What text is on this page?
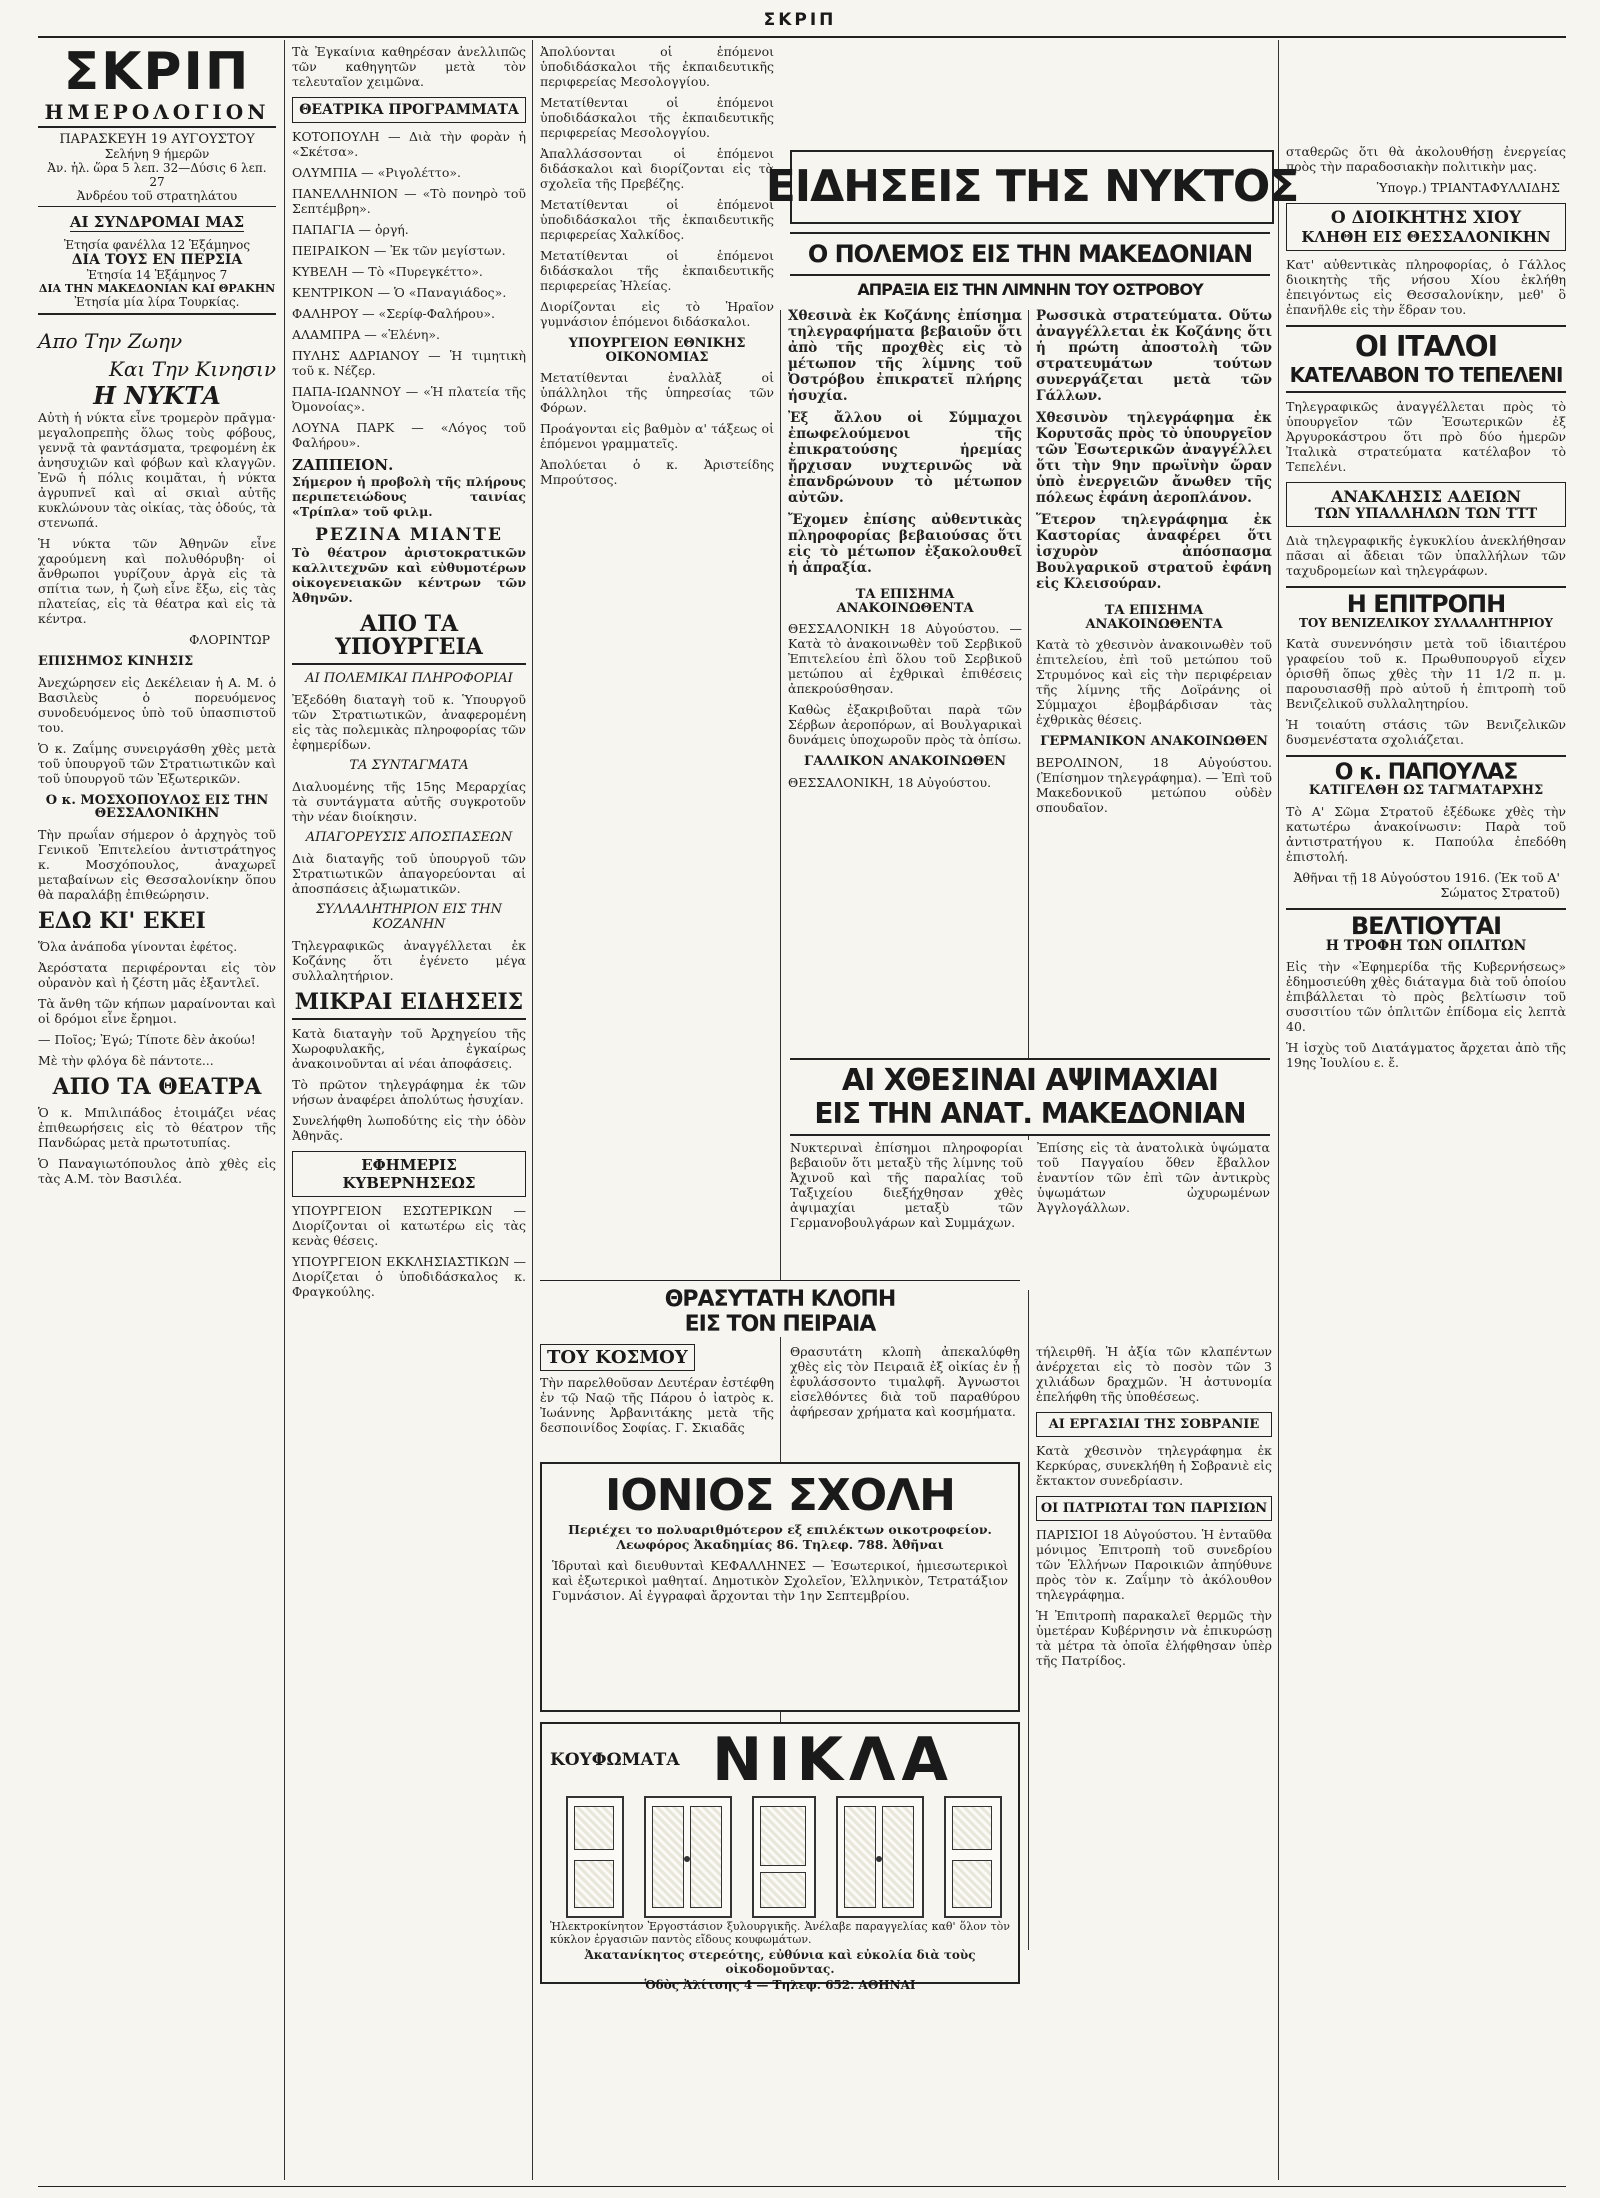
ΣΚΡΙΠ
ΣΚΡΙΠ
ΗΜΕΡΟΛΟΓΙΟΝ
ΠΑΡΑΣΚΕΥΗ 19 ΑΥΓΟΥΣΤΟΥ
Σελήνη 9 ήμερῶν
Ἀν. ἡλ. ὥρα 5 λεπ. 32—Δύσις 6 λεπ. 27
Ἀνδρέου τοῦ στρατηλάτου
ΑΙ ΣΥΝΔΡΟΜΑΙ ΜΑΣ
Ἐτησία φανέλλα 12 Ἑξάμηνος
ΔΙΑ ΤΟΥΣ ΕΝ ΠΕΡΣΙΑ
Ἐτησία 14 Ἑξάμηνος 7
ΔΙΑ ΤΗΝ ΜΑΚΕΔΟΝΙΑΝ ΚΑΙ ΘΡΑΚΗΝ
Ἐτησία μία λίρα Τουρκίας.
Απο Την Ζωην
Και Την Κινησιν
Η ΝΥΚΤΑ

Αὐτὴ ἡ νύκτα εἶνε τρομερὸν πρᾶγμα· μεγαλοπρεπὴς ὅλως τοὺς φόβους, γεννᾷ τὰ φαντάσματα, τρεφομένη ἐκ ἀνησυχιῶν καὶ φόβων καὶ κλαγγῶν. Ἐνῶ ἡ πόλις κοιμᾶται, ἡ νύκτα ἀγρυπνεῖ καὶ αἱ σκιαὶ αὐτῆς κυκλώνουν τὰς οἰκίας, τὰς ὁδούς, τὰ στενωπά.

Ἡ νύκτα τῶν Ἀθηνῶν εἶνε χαρούμενη καὶ πολυθόρυβη· οἱ ἄνθρωποι γυρίζουν ἀργὰ εἰς τὰ σπίτια των, ἡ ζωὴ εἶνε ἔξω, εἰς τὰς πλατείας, εἰς τὰ θέατρα καὶ εἰς τὰ κέντρα.

ΦΛΟΡΙΝΤΩΡ
ΕΠΙΣΗΜΟΣ ΚΙΝΗΣΙΣ

Ἀνεχώρησεν εἰς Δεκέλειαν ἡ Α. Μ. ὁ Βασιλεὺς ὁ πορευόμενος συνοδευόμενος ὑπὸ τοῦ ὑπασπιστοῦ του.

Ὁ κ. Ζαΐμης συνειργάσθη χθὲς μετὰ τοῦ ὑπουργοῦ τῶν Στρατιωτικῶν καὶ τοῦ ὑπουργοῦ τῶν Ἐξωτερικῶν.

Ο κ. ΜΟΣΧΟΠΟΥΛΟΣ ΕΙΣ ΤΗΝ ΘΕΣΣΑΛΟΝΙΚΗΝ

Τὴν πρωΐαν σήμερον ὁ ἀρχηγὸς τοῦ Γενικοῦ Ἐπιτελείου ἀντιστράτηγος κ. Μοσχόπουλος, ἀναχωρεῖ μεταβαίνων εἰς Θεσσαλονίκην ὅπου θὰ παραλάβῃ ἐπιθεώρησιν.

ΕΔΩ ΚΙ' ΕΚΕΙ

Ὅλα ἀνάποδα γίνονται ἐφέτος.

Ἀερόστατα περιφέρονται εἰς τὸν οὐρανὸν καὶ ἡ ζέστη μᾶς ἐξαντλεῖ.

Τὰ ἄνθη τῶν κήπων μαραίνονται καὶ οἱ δρόμοι εἶνε ἔρημοι.

— Ποῖος; Ἐγώ; Τίποτε δὲν ἀκούω!

Μὲ τὴν φλόγα δὲ πάντοτε...

ΑΠΟ ΤΑ ΘΕΑΤΡΑ

Ὁ κ. Μπιλιπάδος ἑτοιμάζει νέας ἐπιθεωρήσεις εἰς τὸ θέατρον τῆς Πανδώρας μετὰ πρωτοτυπίας.

Ὁ Παναγιωτόπουλος ἀπὸ χθὲς εἰς τὰς Α.Μ. τὸν Βασιλέα.

Τὰ Ἐγκαίνια καθηρέσαν ἀνελλιπῶς τῶν καθηγητῶν μετὰ τὸν τελευταῖον χειμῶνα.

ΘΕΑΤΡΙΚΑ ΠΡΟΓΡΑΜΜΑΤΑ

ΚΟΤΟΠΟΥΛΗ — Διὰ τὴν φορὰν ἡ «Σκέτσα».

ΟΛΥΜΠΙΑ — «Ριγολέττο».

ΠΑΝΕΛΛΗΝΙΟΝ — «Τὸ πονηρὸ τοῦ Σεπτέμβρη».

ΠΑΠΑΓΙΑ — ὀργή.

ΠΕΙΡΑΙΚΟΝ — Ἐκ τῶν μεγίστων.

ΚΥΒΕΛΗ — Τὸ «Πυρεγκέττο».

ΚΕΝΤΡΙΚΟΝ — Ὁ «Παναγιάδος».

ΦΑΛΗΡΟΥ — «Σερίφ-Φαλήρου».

ΑΛΑΜΠΡΑ — «Ἑλένη».

ΠΥΛΗΣ ΑΔΡΙΑΝΟΥ — Ἡ τιμητικὴ τοῦ κ. Νέζερ.

ΠΑΠΑ-ΙΩΑΝΝΟΥ — «Ἡ πλατεία τῆς Ὀμονοίας».

ΛΟΥΝΑ ΠΑΡΚ — «Λόγος τοῦ Φαλήρου».

ΖΑΠΠΕΙΟΝ.

Σήμερον ἡ προβολὴ τῆς πλήρους περιπετειώδους ταινίας «Τρίπλα» τοῦ φιλμ.

ΡΕΖΙΝΑ ΜΙΑΝΤΕ

Τὸ θέατρον ἀριστοκρατικῶν καλλιτεχνῶν καὶ εὐθυμοτέρων οἰκογενειακῶν κέντρων τῶν Ἀθηνῶν.

ΑΠΟ ΤΑ ΥΠΟΥΡΓΕΙΑ
ΑΙ ΠΟΛΕΜΙΚΑΙ ΠΛΗΡΟΦΟΡΙΑΙ

Ἐξεδόθη διαταγὴ τοῦ κ. Ὑπουργοῦ τῶν Στρατιωτικῶν, ἀναφερομένη εἰς τὰς πολεμικὰς πληροφορίας τῶν ἐφημερίδων.

ΤΑ ΣΥΝΤΑΓΜΑΤΑ

Διαλυομένης τῆς 15ης Μεραρχίας τὰ συντάγματα αὐτῆς συγκροτοῦν τὴν νέαν διοίκησιν.

ΑΠΑΓΟΡΕΥΣΙΣ ΑΠΟΣΠΑΣΕΩΝ

Διὰ διαταγῆς τοῦ ὑπουργοῦ τῶν Στρατιωτικῶν ἀπαγορεύονται αἱ ἀποσπάσεις ἀξιωματικῶν.

ΣΥΛΛΑΛΗΤΗΡΙΟΝ ΕΙΣ ΤΗΝ ΚΟΖΑΝΗΝ

Τηλεγραφικῶς ἀναγγέλλεται ἐκ Κοζάνης ὅτι ἐγένετο μέγα συλλαλητήριον.

ΜΙΚΡΑΙ ΕΙΔΗΣΕΙΣ

Κατὰ διαταγὴν τοῦ Ἀρχηγείου τῆς Χωροφυλακῆς, ἐγκαίρως ἀνακοινοῦνται αἱ νέαι ἀποφάσεις.

Τὸ πρῶτον τηλεγράφημα ἐκ τῶν νήσων ἀναφέρει ἀπολύτως ἡσυχίαν.

Συνελήφθη λωποδύτης εἰς τὴν ὁδὸν Ἀθηνᾶς.

ΕΦΗΜΕΡΙΣ ΚΥΒΕΡΝΗΣΕΩΣ

ΥΠΟΥΡΓΕΙΟΝ ΕΣΩΤΕΡΙΚΩΝ — Διορίζονται οἱ κατωτέρω εἰς τὰς κενὰς θέσεις.

ΥΠΟΥΡΓΕΙΟΝ ΕΚΚΛΗΣΙΑΣΤΙΚΩΝ — Διορίζεται ὁ ὑποδιδάσκαλος κ. Φραγκούλης.

Ἀπολύονται οἱ ἑπόμενοι ὑποδιδάσκαλοι τῆς ἐκπαιδευτικῆς περιφερείας Μεσολογγίου.

Μετατίθενται οἱ ἑπόμενοι ὑποδιδάσκαλοι τῆς ἐκπαιδευτικῆς περιφερείας Μεσολογγίου.

Ἀπαλλάσσονται οἱ ἑπόμενοι διδάσκαλοι καὶ διορίζονται εἰς τὰ σχολεῖα τῆς Πρεβέζης.

Μετατίθενται οἱ ἑπόμενοι ὑποδιδάσκαλοι τῆς ἐκπαιδευτικῆς περιφερείας Χαλκίδος.

Μετατίθενται οἱ ἑπόμενοι διδάσκαλοι τῆς ἐκπαιδευτικῆς περιφερείας Ἠλείας.

Διορίζονται εἰς τὸ Ἡραῖον γυμνάσιον ἑπόμενοι διδάσκαλοι.

ΥΠΟΥΡΓΕΙΟΝ ΕΘΝΙΚΗΣ ΟΙΚΟΝΟΜΙΑΣ

Μετατίθενται ἐναλλὰξ οἱ ὑπάλληλοι τῆς ὑπηρεσίας τῶν Φόρων.

Προάγονται εἰς βαθμὸν α' τάξεως οἱ ἑπόμενοι γραμματεῖς.

Ἀπολύεται ὁ κ. Ἀριστείδης Μπρούτσος.

ΕΙΔΗΣΕΙΣ ΤΗΣ ΝΥΚΤΟΣ
Ο ΠΟΛΕΜΟΣ ΕΙΣ ΤΗΝ ΜΑΚΕΔΟΝΙΑΝ
ΑΠΡΑΞΙΑ ΕΙΣ ΤΗΝ ΛΙΜΝΗΝ ΤΟΥ ΟΣΤΡΟΒΟΥ

Χθεσινὰ ἐκ Κοζάνης ἐπίσημα τηλεγραφήματα βεβαιοῦν ὅτι ἀπὸ τῆς προχθὲς εἰς τὸ μέτωπον τῆς λίμνης τοῦ Ὀστρόβου ἐπικρατεῖ πλήρης ἡσυχία.

Ἐξ ἄλλου οἱ Σύμμαχοι ἐπωφελούμενοι τῆς ἐπικρατούσης ἡρεμίας ἤρχισαν νυχτερινῶς νὰ ἐπανδρώνουν τὸ μέτωπον αὐτῶν.

Ἔχομεν ἐπίσης αὐθεντικὰς πληροφορίας βεβαιούσας ὅτι εἰς τὸ μέτωπον ἐξακολουθεῖ ἡ ἀπραξία.

ΤΑ ΕΠΙΣΗΜΑ ΑΝΑΚΟΙΝΩΘΕΝΤΑ

ΘΕΣΣΑΛΟΝΙΚΗ 18 Αὐγούστου. — Κατὰ τὸ ἀνακοινωθὲν τοῦ Σερβικοῦ Ἐπιτελείου ἐπὶ ὅλου τοῦ Σερβικοῦ μετώπου αἱ ἐχθρικαὶ ἐπιθέσεις ἀπεκρούσθησαν.

Καθὼς ἐξακριβοῦται παρὰ τῶν Σέρβων ἀεροπόρων, αἱ Βουλγαρικαὶ δυνάμεις ὑποχωροῦν πρὸς τὰ ὀπίσω.

ΓΑΛΛΙΚΟΝ ΑΝΑΚΟΙΝΩΘΕΝ

ΘΕΣΣΑΛΟΝΙΚΗ, 18 Αὐγούστου.

Ρωσσικὰ στρατεύματα. Οὕτω ἀναγγέλλεται ἐκ Κοζάνης ὅτι ἡ πρώτη ἀποστολὴ τῶν στρατευμάτων τούτων συνεργάζεται μετὰ τῶν Γάλλων.

Χθεσινὸν τηλεγράφημα ἐκ Κορυτσᾶς πρὸς τὸ ὑπουργεῖον τῶν Ἐσωτερικῶν ἀναγγέλλει ὅτι τὴν 9ην πρωϊνὴν ὥραν ὑπὸ ἐνεργειῶν ἄνωθεν τῆς πόλεως ἐφάνη ἀεροπλάνον.

Ἕτερον τηλεγράφημα ἐκ Καστορίας ἀναφέρει ὅτι ἰσχυρὸν ἀπόσπασμα Βουλγαρικοῦ στρατοῦ ἐφάνη εἰς Κλεισούραν.

ΤΑ ΕΠΙΣΗΜΑ ΑΝΑΚΟΙΝΩΘΕΝΤΑ

Κατὰ τὸ χθεσινὸν ἀνακοινωθὲν τοῦ ἐπιτελείου, ἐπὶ τοῦ μετώπου τοῦ Στρυμόνος καὶ εἰς τὴν περιφέρειαν τῆς λίμνης τῆς Δοϊράνης οἱ Σύμμαχοι ἐβομβάρδισαν τὰς ἐχθρικὰς θέσεις.

ΓΕΡΜΑΝΙΚΟΝ ΑΝΑΚΟΙΝΩΘΕΝ

ΒΕΡΟΛΙΝΟΝ, 18 Αὐγούστου. (Ἐπίσημον τηλεγράφημα). — Ἐπὶ τοῦ Μακεδονικοῦ μετώπου οὐδὲν σπουδαῖον.

ΑΙ ΧΘΕΣΙΝΑΙ ΑΨΙΜΑΧΙΑΙ
ΕΙΣ ΤΗΝ ΑΝΑΤ. ΜΑΚΕΔΟΝΙΑΝ

Νυκτεριναὶ ἐπίσημοι πληροφορίαι βεβαιοῦν ὅτι μεταξὺ τῆς λίμνης τοῦ Ἀχινοῦ καὶ τῆς παραλίας τοῦ Ταξιχείου διεξήχθησαν χθὲς ἀψιμαχίαι μεταξὺ τῶν Γερμανοβουλγάρων καὶ Συμμάχων.

Ἐπίσης εἰς τὰ ἀνατολικὰ ὑψώματα τοῦ Παγγαίου ὅθεν ἔβαλλον ἐναντίον τῶν ἐπὶ τῶν ἀντικρὺς ὑψωμάτων ὠχυρωμένων Ἀγγλογάλλων.

ΘΡΑΣΥΤΑΤΗ ΚΛΟΠΗ
ΕΙΣ ΤΟΝ ΠΕΙΡΑΙΑ

Θρασυτάτη κλοπὴ ἀπεκαλύφθη χθὲς εἰς τὸν Πειραιᾶ ἐξ οἰκίας ἐν ᾗ ἐφυλάσσοντο τιμαλφῆ. Ἀγνωστοι εἰσελθόντες διὰ τοῦ παραθύρου ἀφήρεσαν χρήματα καὶ κοσμήματα.

ΤΟΥ ΚΟΣΜΟΥ

Τὴν παρελθοῦσαν Δευτέραν ἐστέφθη ἐν τῷ Ναῷ τῆς Πάρου ὁ ἰατρὸς κ. Ἰωάννης Ἀρβανιτάκης μετὰ τῆς δεσποινίδος Σοφίας. Γ. Σκιαδᾶς

ΙΟΝΙΟΣ ΣΧΟΛΗ

Περιέχει το πολυαριθμότερον εξ επιλέκτων οικοτροφείον. Λεωφόρος Ἀκαδημίας 86. Τηλεφ. 788. Ἀθῆναι

Ἱδρυταὶ καὶ διευθυνταὶ ΚΕΦΑΛΛΗΝΕΣ — Ἐσωτερικοί, ἡμιεσωτερικοὶ καὶ ἐξωτερικοὶ μαθηταί. Δημοτικὸν Σχολεῖον, Ἑλληνικὸν, Τετρατάξιον Γυμνάσιον. Αἱ ἐγγραφαὶ ἄρχονται τὴν 1ην Σεπτεμβρίου.

ΚΟΥΦΩΜΑΤΑ ΝΙΚΛΑ

Ἠλεκτροκίνητον Ἐργοστάσιον ξυλουργικῆς. Ἀνέλαβε παραγγελίας καθ' ὅλον τὸν κύκλον ἐργασιῶν παντὸς εἴδους κουφωμάτων.

Ἀκατανίκητος στερεότης, εὐθύνια καὶ εὐκολία διὰ τοὺς οἰκοδομοῦντας.

Ὁδὸς Ἀλίτσης 4 — Τηλεφ. 652. ΑΘΗΝΑΙ

τήλειρθῆ. Ἡ ἀξία τῶν κλαπέντων ἀνέρχεται εἰς τὸ ποσὸν τῶν 3 χιλιάδων δραχμῶν. Ἡ ἀστυνομία ἐπελήφθη τῆς ὑποθέσεως.

ΑΙ ΕΡΓΑΣΙΑΙ ΤΗΣ ΣΟΒΡΑΝΙΕ

Κατὰ χθεσινὸν τηλεγράφημα ἐκ Κερκύρας, συνεκλήθη ἡ Σοβρανιὲ εἰς ἔκτακτον συνεδρίασιν.

ΟΙ ΠΑΤΡΙΩΤΑΙ ΤΩΝ ΠΑΡΙΣΙΩΝ

ΠΑΡΙΣΙΟΙ 18 Αὐγούστου. Ἡ ἐνταῦθα μόνιμος Ἐπιτροπὴ τοῦ συνεδρίου τῶν Ἑλλήνων Παροικιῶν ἀπηύθυνε πρὸς τὸν κ. Ζαΐμην τὸ ἀκόλουθον τηλεγράφημα.

Ἡ Ἐπιτροπὴ παρακαλεῖ θερμῶς τὴν ὑμετέραν Κυβέρνησιν νὰ ἐπικυρώσῃ τὰ μέτρα τὰ ὁποῖα ἐλήφθησαν ὑπὲρ τῆς Πατρίδος.

σταθερῶς ὅτι θὰ ἀκολουθήσῃ ἐνεργείας πρὸς τὴν παραδοσιακὴν πολιτικὴν μας.

Ὑπογρ.) ΤΡΙΑΝΤΑΦΥΛΛΙΔΗΣ
Ο ΔΙΟΙΚΗΤΗΣ ΧΙΟΥ
ΚΛΗΘΗ ΕΙΣ ΘΕΣΣΑΛΟΝΙΚΗΝ

Κατ' αὐθεντικὰς πληροφορίας, ὁ Γάλλος διοικητὴς τῆς νήσου Χίου ἐκλήθη ἐπειγόντως εἰς Θεσσαλονίκην, μεθ' ὃ ἐπανῆλθε εἰς τὴν ἕδραν του.

ΟΙ ΙΤΑΛΟΙ
ΚΑΤΕΛΑΒΟΝ ΤΟ ΤΕΠΕΛΕΝΙ

Τηλεγραφικῶς ἀναγγέλλεται πρὸς τὸ ὑπουργεῖον τῶν Ἐσωτερικῶν ἐξ Ἀργυροκάστρου ὅτι πρὸ δύο ἡμερῶν Ἰταλικὰ στρατεύματα κατέλαβον τὸ Τεπελένι.

ΑΝΑΚΛΗΣΙΣ ΑΔΕΙΩΝ
ΤΩΝ ΥΠΑΛΛΗΛΩΝ ΤΩΝ ΤΤΤ

Διὰ τηλεγραφικῆς ἐγκυκλίου ἀνεκλήθησαν πᾶσαι αἱ ἄδειαι τῶν ὑπαλλήλων τῶν ταχυδρομείων καὶ τηλεγράφων.

Η ΕΠΙΤΡΟΠΗ
ΤΟΥ ΒΕΝΙΖΕΛΙΚΟΥ ΣΥΛΛΑΛΗΤΗΡΙΟΥ

Κατὰ συνεννόησιν μετὰ τοῦ ἰδιαιτέρου γραφείου τοῦ κ. Πρωθυπουργοῦ εἶχεν ὁρισθῆ ὅπως χθὲς τὴν 11 1/2 π. μ. παρουσιασθῇ πρὸ αὐτοῦ ἡ ἐπιτροπὴ τοῦ Βενιζελικοῦ συλλαλητηρίου.

Ἡ τοιαύτη στάσις τῶν Βενιζελικῶν δυσμενέστατα σχολιάζεται.

Ο κ. ΠΑΠΟΥΛΑΣ
ΚΑΤΙΓΕΛΘΗ ΩΣ ΤΑΓΜΑΤΑΡΧΗΣ

Τὸ Α' Σῶμα Στρατοῦ ἐξέδωκε χθὲς τὴν κατωτέρω ἀνακοίνωσιν: Παρὰ τοῦ ἀντιστρατήγου κ. Παπούλα ἐπεδόθη ἐπιστολή.

Ἀθῆναι τῇ 18 Αὐγούστου 1916. (Ἐκ τοῦ Α' Σώματος Στρατοῦ)
ΒΕΛΤΙΟΥΤΑΙ
Η ΤΡΟΦΗ ΤΩΝ ΟΠΛΙΤΩΝ

Εἰς τὴν «Ἐφημερίδα τῆς Κυβερνήσεως» ἐδημοσιεύθη χθὲς διάταγμα διὰ τοῦ ὁποίου ἐπιβάλλεται τὸ πρὸς βελτίωσιν τοῦ συσσιτίου τῶν ὁπλιτῶν ἐπίδομα εἰς λεπτὰ 40.

Ἡ ἰσχὺς τοῦ Διατάγματος ἄρχεται ἀπὸ τῆς 19ης Ἰουλίου ε. ἔ.
